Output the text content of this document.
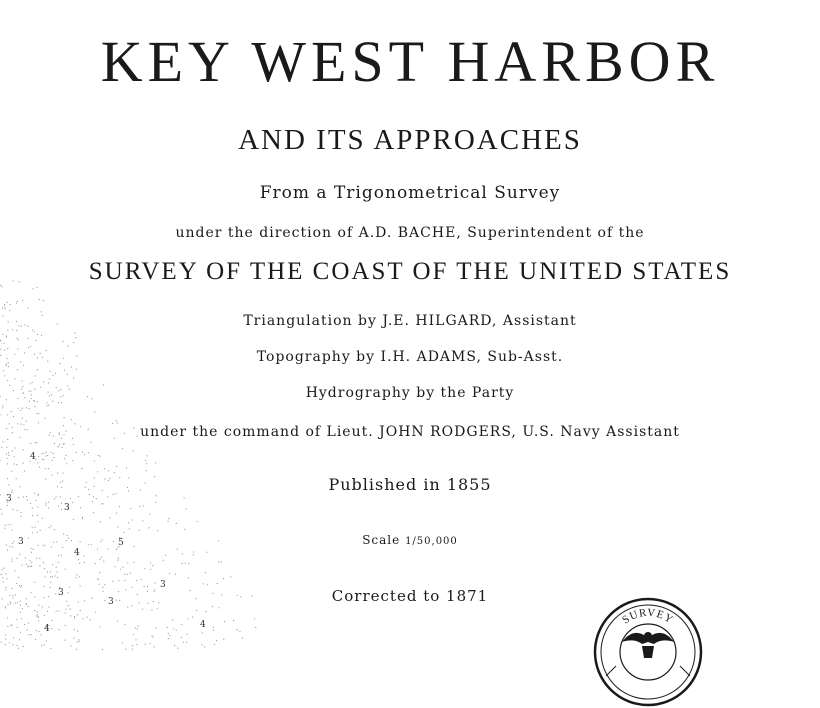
KEY WEST HARBOR
AND ITS APPROACHES
From a Trigonometrical Survey
under the direction of A.D. BACHE, Superintendent of the
SURVEY OF THE COAST OF THE UNITED STATES
Triangulation by J.E. HILGARD, Assistant
Topography by I.H. ADAMS, Sub-Asst.
Hydrography by the Party
under the command of Lieut. JOHN RODGERS, U.S. Navy Assistant
Published in 1855
Scale 1/50,000
Corrected to 1871
4
3
3
3	5
4
3
3
3
4	4	SURVEY
